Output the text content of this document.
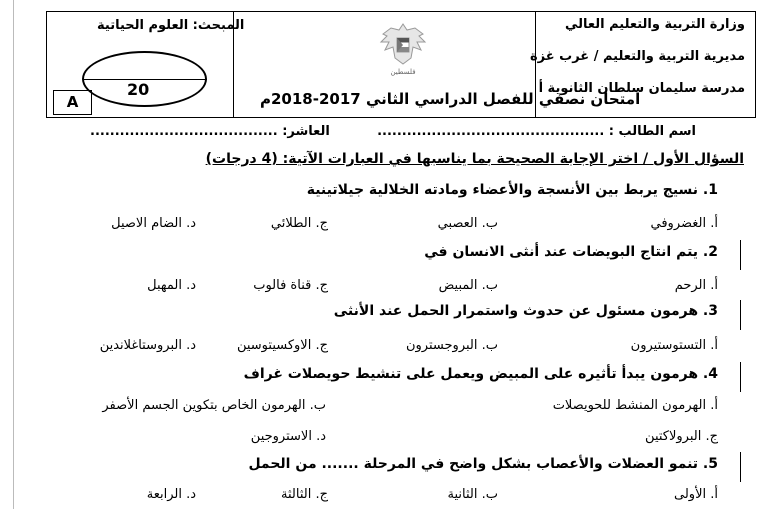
وزارة التربية والتعليم العالي
مديرية التربية والتعليم / غرب غزة
مدرسة سليمان سلطان الثانوية أ
فلسطين
امتحان نصفي للفصل الدراسي الثاني 2017-2018م
المبحث: العلوم الحياتية
20
A
اسم الطالب : ..............................................
العاشر: ......................................
السؤال الأول / اختر الإجابة الصحيحة بما يناسبها في العبارات الآتية: (4 درجات)
1. نسيج يربط بين الأنسجة والأعضاء ومادته الخلالية جيلاتينية
أ. الغضروفي
ب. العصبي
ج. الطلائي
د. الضام الاصيل
2. يتم انتاج البويضات عند أنثى الانسان في
أ. الرحم
ب. المبيض
ج. قناة فالوب
د. المهبل
3. هرمون مسئول عن حدوث واستمرار الحمل عند الأنثى
أ. التستوستيرون
ب. البروجسترون
ج. الاوكسيتوسين
د. البروستاغلاندين
4. هرمون يبدأ تأثيره على المبيض ويعمل على تنشيط حويصلات غراف
أ. الهرمون المنشط للحويصلات
ب. الهرمون الخاص بتكوين الجسم الأصفر
ج. البرولاكتين
د. الاستروجين
5. تنمو العضلات والأعصاب بشكل واضح في المرحلة ....... من الحمل
أ. الأولى
ب. الثانية
ج. الثالثة
د. الرابعة
